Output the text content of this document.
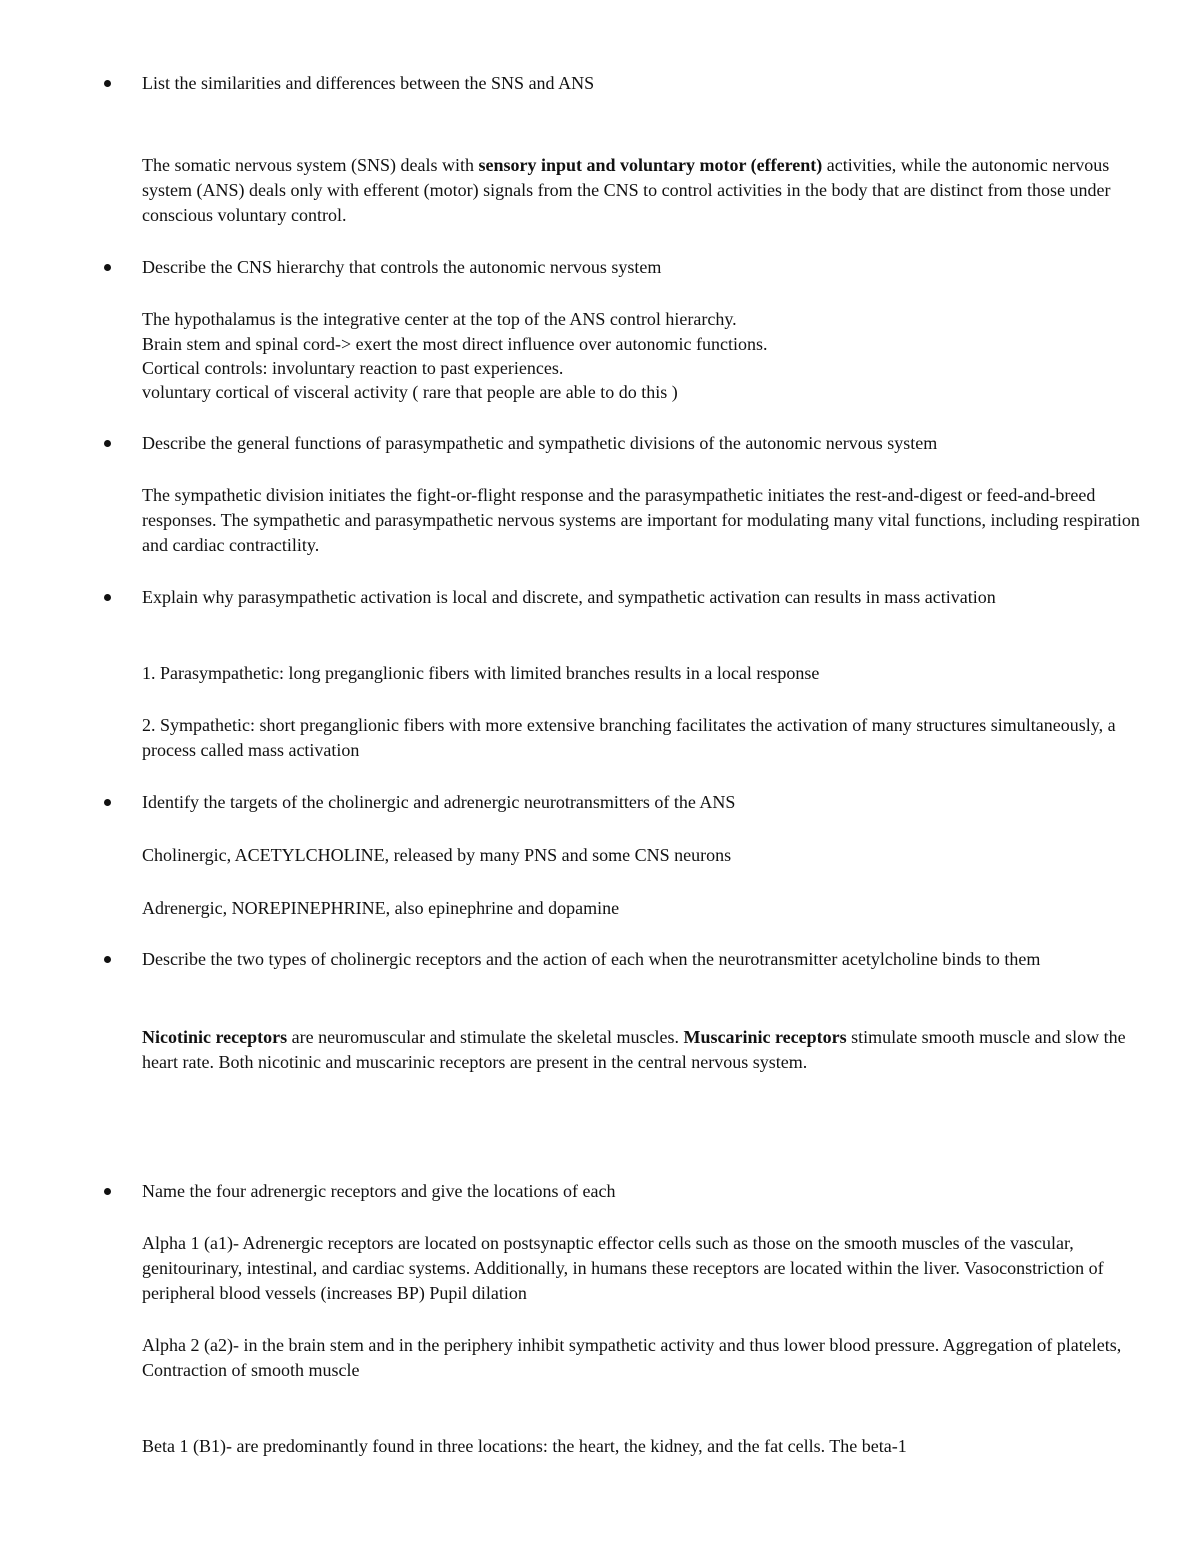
List the similarities and differences between the SNS and ANS

The somatic nervous system (SNS) deals with sensory input and voluntary motor (efferent) activities, while the autonomic nervous system (ANS) deals only with efferent (motor) signals from the CNS to control activities in the body that are distinct from those under conscious voluntary control.

Describe the CNS hierarchy that controls the autonomic nervous system

The hypothalamus is the integrative center at the top of the ANS control hierarchy.

Brain stem and spinal cord-> exert the most direct influence over autonomic functions.

Cortical controls: involuntary reaction to past experiences.

voluntary cortical of visceral activity ( rare that people are able to do this )

Describe the general functions of parasympathetic and sympathetic divisions of the autonomic nervous system

The sympathetic division initiates the fight-or-flight response and the parasympathetic initiates the rest-and-digest or feed-and-breed responses. The sympathetic and parasympathetic nervous systems are important for modulating many vital functions, including respiration and cardiac contractility.

Explain why parasympathetic activation is local and discrete, and sympathetic activation can results in mass activation

1. Parasympathetic: long preganglionic fibers with limited branches results in a local response

2. Sympathetic: short preganglionic fibers with more extensive branching facilitates the activation of many structures simultaneously, a process called mass activation

Identify the targets of the cholinergic and adrenergic neurotransmitters of the ANS

Cholinergic, ACETYLCHOLINE, released by many PNS and some CNS neurons

Adrenergic, NOREPINEPHRINE, also epinephrine and dopamine

Describe the two types of cholinergic receptors and the action of each when the neurotransmitter acetylcholine binds to them

Nicotinic receptors are neuromuscular and stimulate the skeletal muscles. Muscarinic receptors stimulate smooth muscle and slow the heart rate. Both nicotinic and muscarinic receptors are present in the central nervous system.

Name the four adrenergic receptors and give the locations of each

Alpha 1 (a1)- Adrenergic receptors are located on postsynaptic effector cells such as those on the smooth muscles of the vascular, genitourinary, intestinal, and cardiac systems. Additionally, in humans these receptors are located within the liver. Vasoconstriction of peripheral blood vessels (increases BP) Pupil dilation

Alpha 2 (a2)- in the brain stem and in the periphery inhibit sympathetic activity and thus lower blood pressure. Aggregation of platelets, Contraction of smooth muscle

Beta 1 (B1)- are predominantly found in three locations: the heart, the kidney, and the fat cells. The beta-1
